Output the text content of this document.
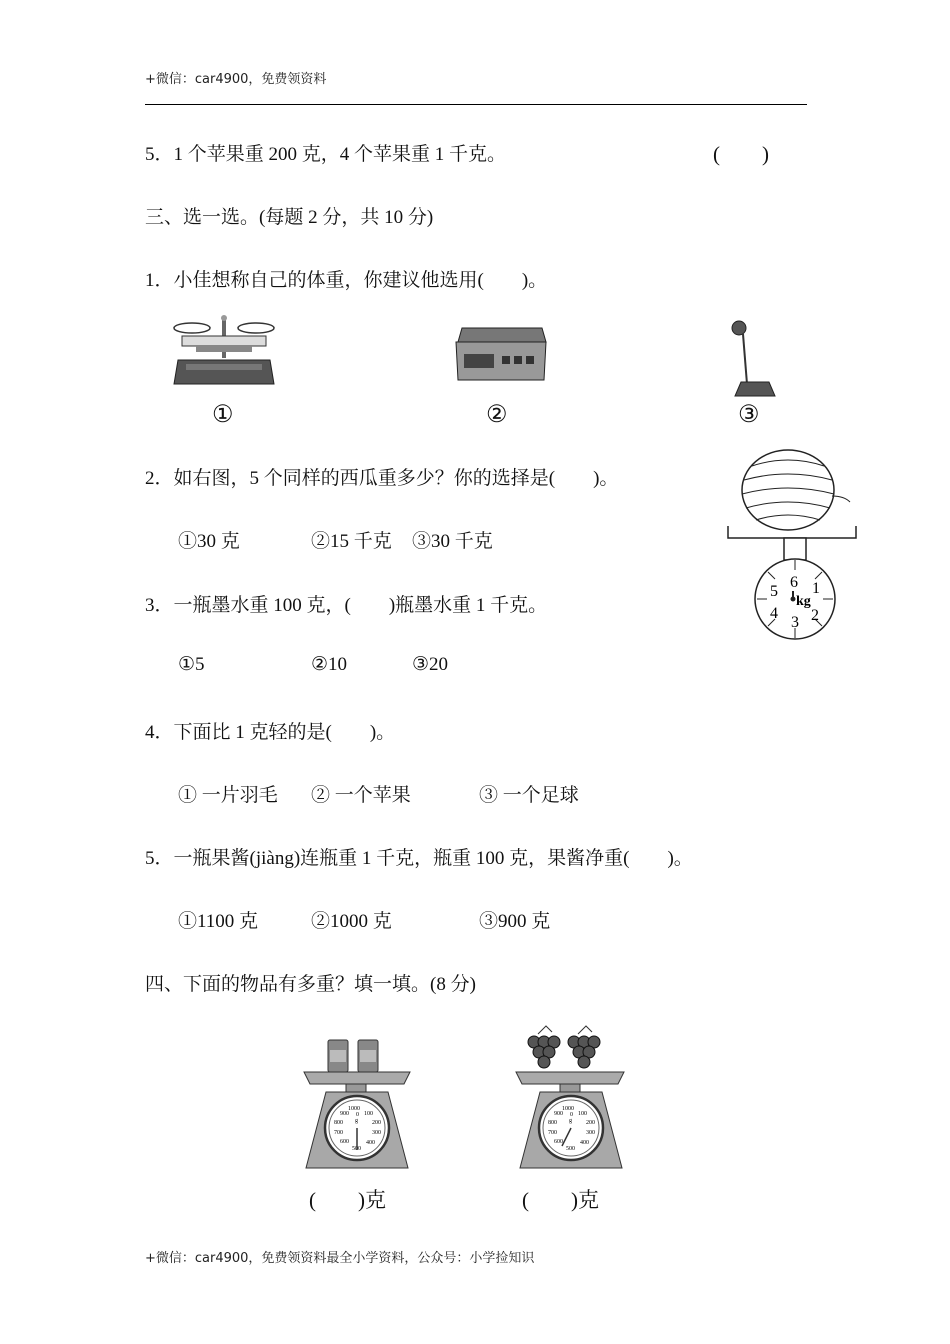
+微信：car4900，免费领资料
5．1 个苹果重 200 克，4 个苹果重 1 千克。	(　　)
三、选一选。(每题 2 分，共 10 分)
1．小佳想称自己的体重，你建议他选用(　　)。
①	②	③
2．如右图，5 个同样的西瓜重多少？你的选择是(　　)。
①30 克	②15 千克 ③30 千克
6 1
2
3
4
5
kg
3．一瓶墨水重 100 克，(　　)瓶墨水重 1 千克。
①5	②10	③20
4．下面比 1 克轻的是(　　)。
① 一片羽毛 ② 一个苹果	③ 一个足球
5．一瓶果酱(jiàng)连瓶重 1 千克，瓶重 100 克，果酱净重(　　)。
①1100 克	②1000 克	③900 克
四、下面的物品有多重？填一填。(8 分)
1000
0 100
200
300
400
500
600
700
800
900
g
1000
0 100
200
300
400
500
600
700
800
900
g
(　　)克	(　　)克
+微信：car4900，免费领资料最全小学资料，公众号：小学捡知识
